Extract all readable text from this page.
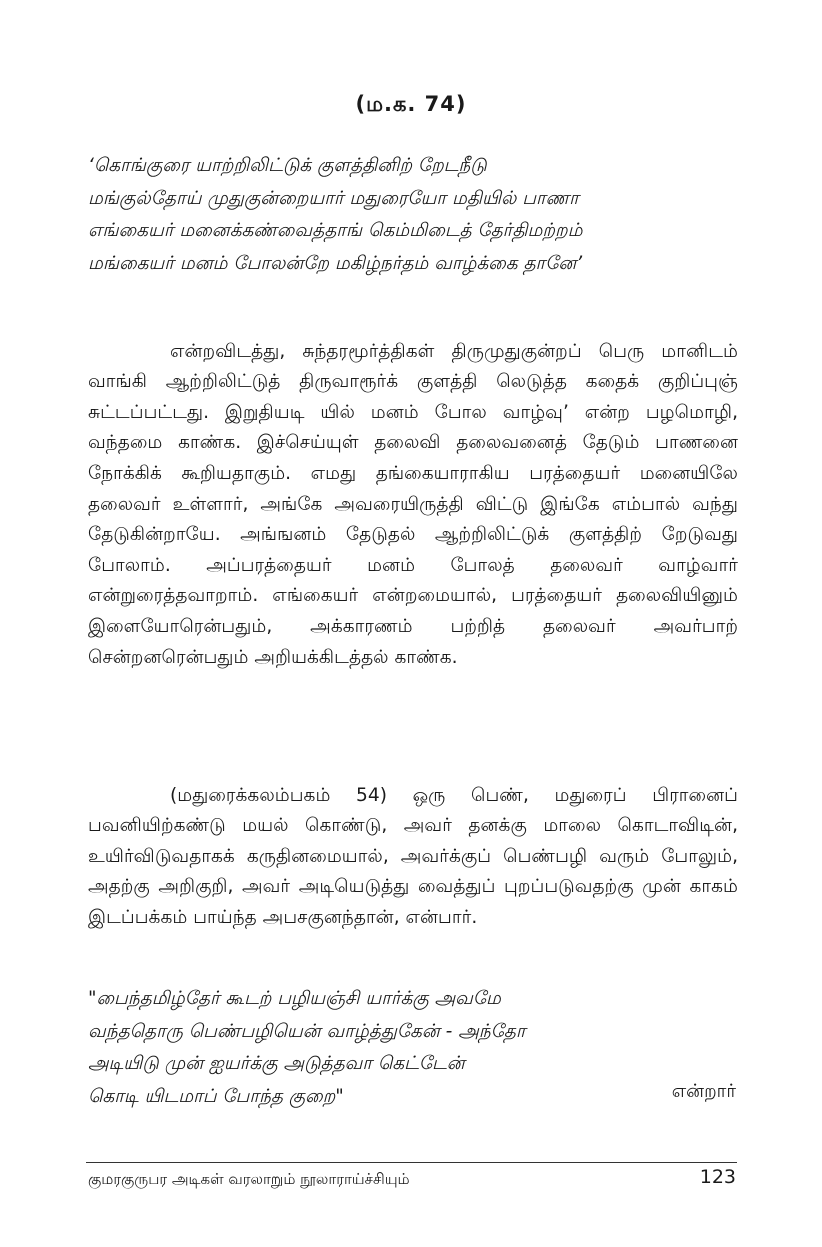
(ம.க. 74)
‘கொங்குரை யாற்றிலிட்டுக் குளத்தினிற் றேடநீடு
மங்குல்தோய் முதுகுன்றையார் மதுரையோ மதியில் பாணா
எங்கையர் மனைக்கண்வைத்தாங் கெம்மிடைத் தேர்திமற்றம்
மங்கையர் மனம் போலன்றே மகிழ்நர்தம் வாழ்க்கை தானே’

என்றவிடத்து, சுந்தரமூர்த்திகள் திருமுதுகுன்றப் பெரு மானிடம் வாங்கி ஆற்றிலிட்டுத் திருவாரூர்க் குளத்தி லெடுத்த கதைக் குறிப்புஞ் சுட்டப்பட்டது. இறுதியடி யில் மனம் போல வாழ்வு’ என்ற பழமொழி, வந்தமை காண்க. இச்செய்யுள் தலைவி தலைவனைத் தேடும் பாணனை நோக்கிக் கூறியதாகும். எமது தங்கையாராகிய பரத்தையர் மனையிலே தலைவர் உள்ளார், அங்கே அவரையிருத்தி விட்டு இங்கே எம்பால் வந்து தேடுகின்றாயே. அங்ஙனம் தேடுதல் ஆற்றிலிட்டுக் குளத்திற் றேடுவது போலாம். அப்பரத்தையர் மனம் போலத் தலைவர் வாழ்வார் என்றுரைத்தவாறாம். எங்கையர் என்றமையால், பரத்தையர் தலைவியினும் இளையோரென்பதும், அக்காரணம் பற்றித் தலைவர் அவர்பாற் சென்றனரென்பதும் அறியக்கிடத்தல் காண்க.

(மதுரைக்கலம்பகம் 54) ஒரு பெண், மதுரைப் பிரானைப் பவனியிற்கண்டு மயல் கொண்டு, அவர் தனக்கு மாலை கொடாவிடின், உயிர்விடுவதாகக் கருதினமையால், அவர்க்குப் பெண்பழி வரும் போலும், அதற்கு அறிகுறி, அவர் அடியெடுத்து வைத்துப் புறப்படுவதற்கு முன் காகம் இடப்பக்கம் பாய்ந்த அபசகுனந்தான், என்பார்.

"பைந்தமிழ்தேர் கூடற் பழியஞ்சி யார்க்கு அவமே
வந்ததொரு பெண்பழியென் வாழ்த்துகேன் - அந்தோ
அடியிடு முன் ஐயர்க்கு அடுத்தவா கெட்டேன்
கொடி யிடமாப் போந்த குறை"	என்றார்
குமரகுருபர அடிகள் வரலாறும் நூலாராய்ச்சியும்	123
